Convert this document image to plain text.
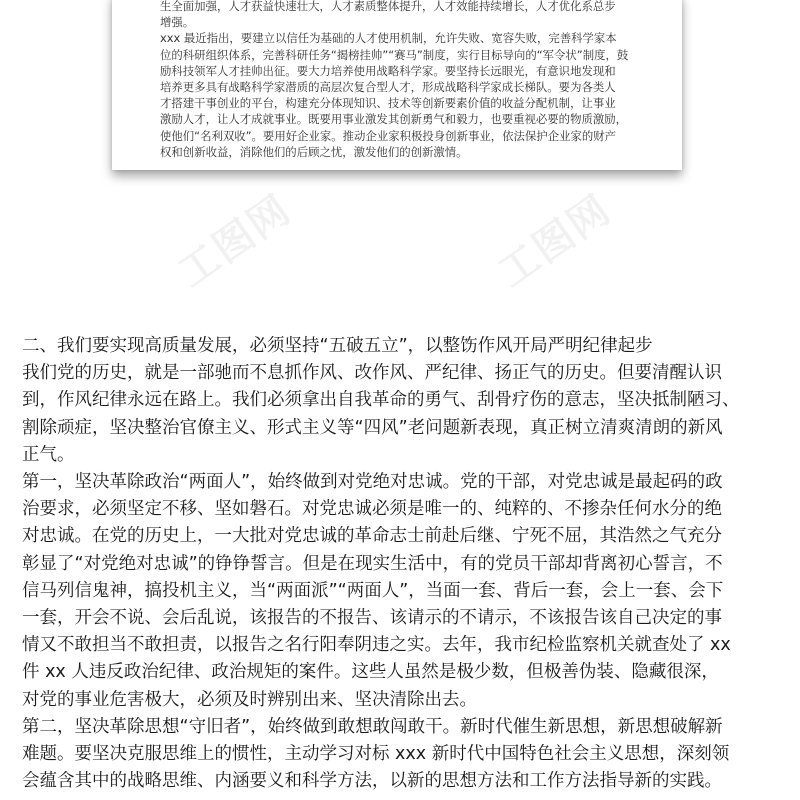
生全面加强，人才获益快速壮大，人才素质整体提升，人才效能持续增长，人才优化系总步

增强。

xxx 最近指出，要建立以信任为基础的人才使用机制，允许失败、宽容失败，完善科学家本

位的科研组织体系，完善科研任务“揭榜挂帅”“赛马”制度，实行目标导向的“军令状”制度，鼓

励科技领军人才挂帅出征。要大力培养使用战略科学家。要坚持长远眼光，有意识地发现和

培养更多具有战略科学家潜质的高层次复合型人才，形成战略科学家成长梯队。要为各类人

才搭建干事创业的平台，构建充分体现知识、技术等创新要素价值的收益分配机制，让事业

激励人才，让人才成就事业。既要用事业激发其创新勇气和毅力，也要重视必要的物质激励，

使他们“名利双收”。要用好企业家。推动企业家积极投身创新事业，依法保护企业家的财产

权和创新收益，消除他们的后顾之忧，激发他们的创新激情。

工图网	工图网

二、我们要实现高质量发展，必须坚持“五破五立”，以整饬作风开局严明纪律起步

我们党的历史，就是一部驰而不息抓作风、改作风、严纪律、扬正气的历史。但要清醒认识
到，作风纪律永远在路上。我们必须拿出自我革命的勇气、刮骨疗伤的意志，坚决抵制陋习、
割除顽症，坚决整治官僚主义、形式主义等“四风”老问题新表现，真正树立清爽清朗的新风
正气。

第一，坚决革除政治“两面人”，始终做到对党绝对忠诚。党的干部，对党忠诚是最起码的政
治要求，必须坚定不移、坚如磐石。对党忠诚必须是唯一的、纯粹的、不掺杂任何水分的绝
对忠诚。在党的历史上，一大批对党忠诚的革命志士前赴后继、宁死不屈，其浩然之气充分
彰显了“对党绝对忠诚”的铮铮誓言。但是在现实生活中，有的党员干部却背离初心誓言，不
信马列信鬼神，搞投机主义，当“两面派”“两面人”，当面一套、背后一套，会上一套、会下
一套，开会不说、会后乱说，该报告的不报告、该请示的不请示，不该报告该自己决定的事
情又不敢担当不敢担责，以报告之名行阳奉阴违之实。去年，我市纪检监察机关就查处了 xx
件 xx 人违反政治纪律、政治规矩的案件。这些人虽然是极少数，但极善伪装、隐藏很深，
对党的事业危害极大，必须及时辨别出来、坚决清除出去。

第二，坚决革除思想“守旧者”，始终做到敢想敢闯敢干。新时代催生新思想，新思想破解新
难题。要坚决克服思维上的惯性，主动学习对标 xxx 新时代中国特色社会主义思想，深刻领
会蕴含其中的战略思维、内涵要义和科学方法，以新的思想方法和工作方法指导新的实践。
